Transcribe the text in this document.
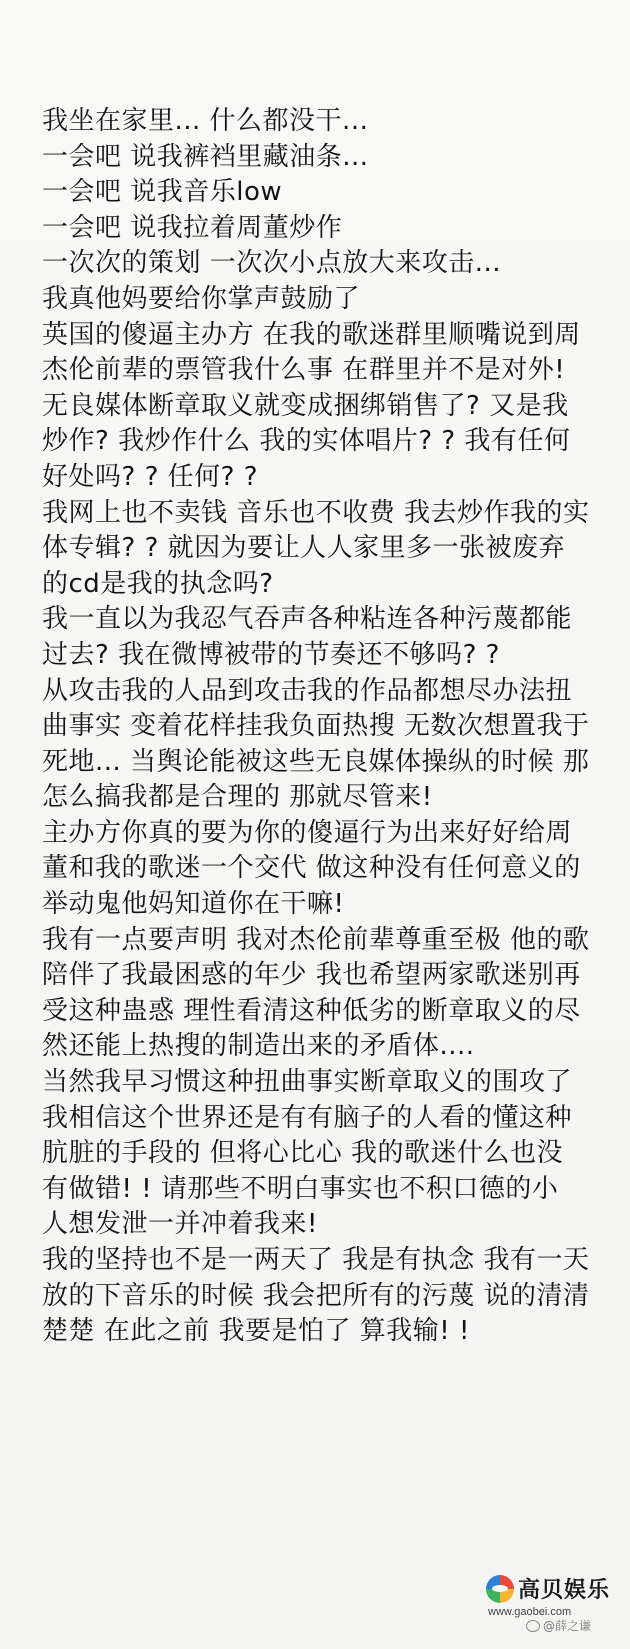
我坐在家里... 什么都没干...
一会吧 说我裤裆里藏油条...
一会吧 说我音乐low
一会吧 说我拉着周董炒作
一次次的策划 一次次小点放大来攻击...
我真他妈要给你掌声鼓励了
英国的傻逼主办方 在我的歌迷群里顺嘴说到周
杰伦前辈的票管我什么事 在群里并不是对外!
无良媒体断章取义就变成捆绑销售了? 又是我
炒作? 我炒作什么 我的实体唱片? ? 我有任何
好处吗? ? 任何? ?
我网上也不卖钱 音乐也不收费 我去炒作我的实
体专辑? ? 就因为要让人人家里多一张被废弃
的cd是我的执念吗?
我一直以为我忍气吞声各种粘连各种污蔑都能
过去? 我在微博被带的节奏还不够吗? ?
从攻击我的人品到攻击我的作品都想尽办法扭
曲事实 变着花样挂我负面热搜 无数次想置我于
死地... 当舆论能被这些无良媒体操纵的时候 那
怎么搞我都是合理的 那就尽管来!
主办方你真的要为你的傻逼行为出来好好给周
董和我的歌迷一个交代 做这种没有任何意义的
举动鬼他妈知道你在干嘛!
我有一点要声明 我对杰伦前辈尊重至极 他的歌
陪伴了我最困惑的年少 我也希望两家歌迷别再
受这种蛊惑 理性看清这种低劣的断章取义的尽
然还能上热搜的制造出来的矛盾体....
当然我早习惯这种扭曲事实断章取义的围攻了
我相信这个世界还是有有脑子的人看的懂这种
肮脏的手段的 但将心比心 我的歌迷什么也没
有做错! ! 请那些不明白事实也不积口德的小
人想发泄一并冲着我来!
我的坚持也不是一两天了 我是有执念 我有一天
放的下音乐的时候 我会把所有的污蔑 说的清清
楚楚 在此之前 我要是怕了 算我输! !
高贝娱乐
www.gaobei.com
@薛之谦
